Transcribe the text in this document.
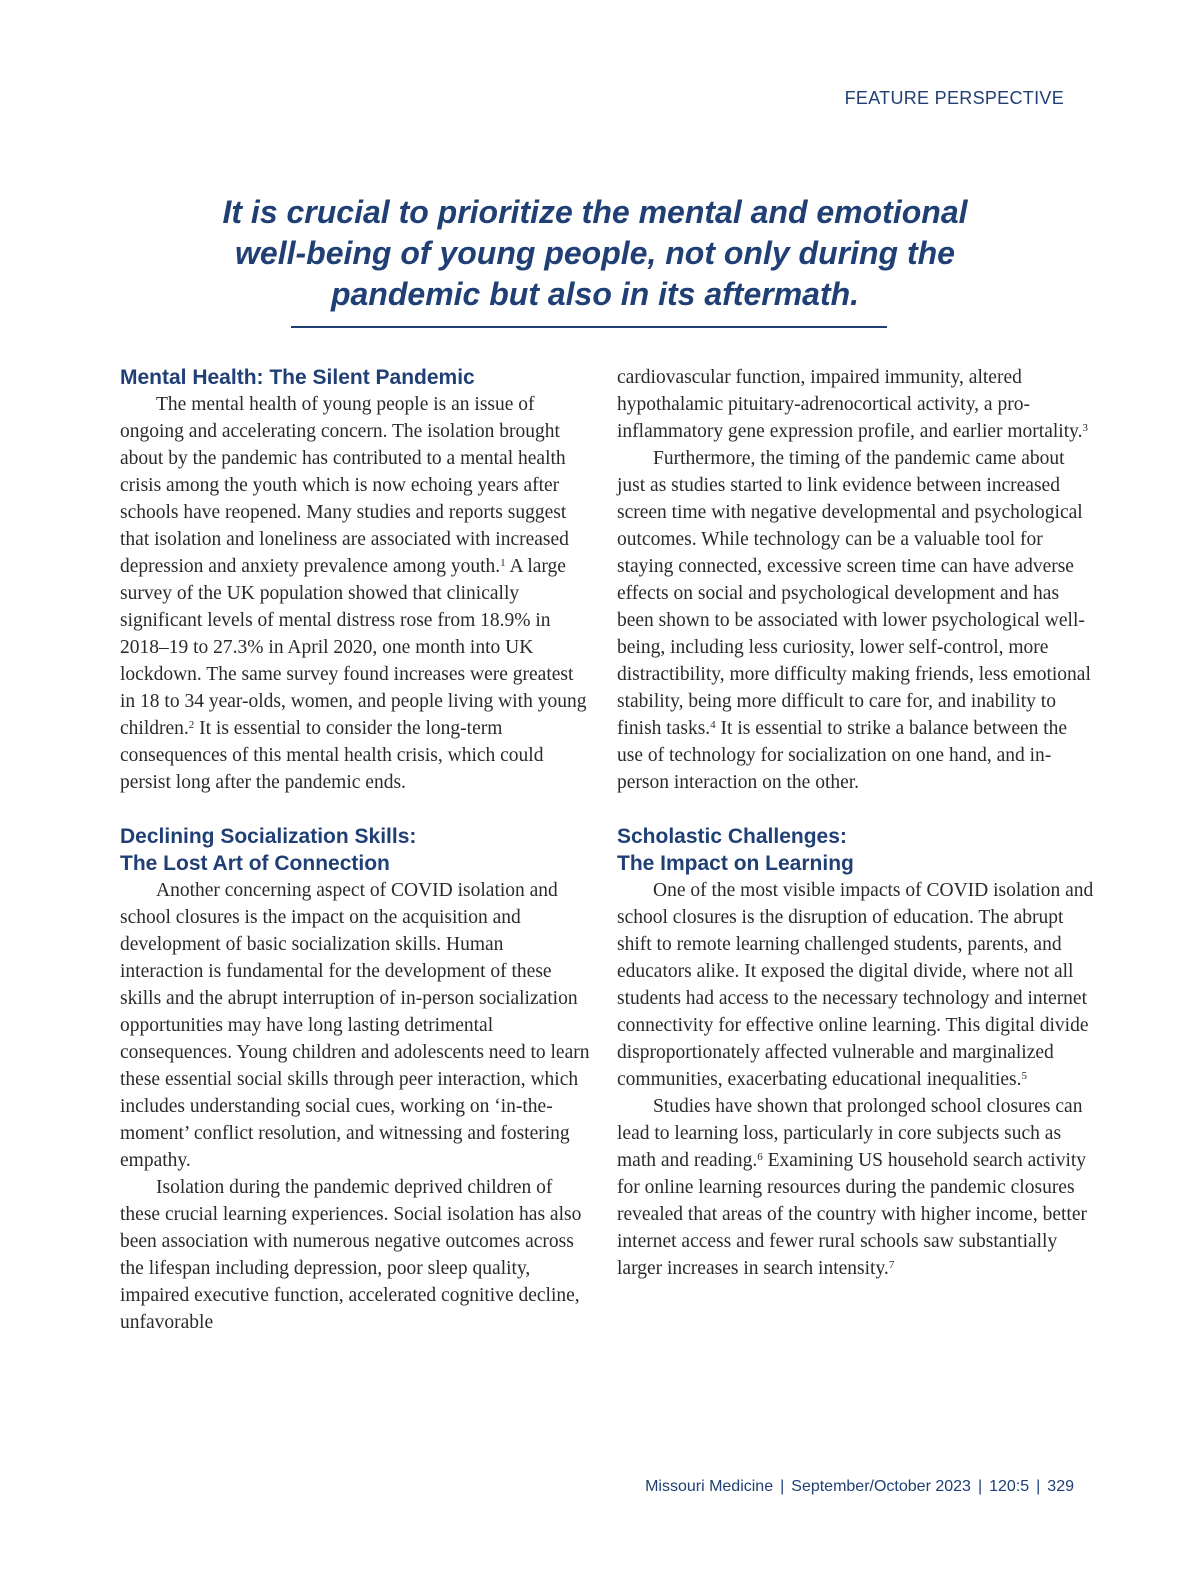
FEATURE PERSPECTIVE
It is crucial to prioritize the mental and emotional
well-being of young people, not only during the
pandemic but also in its aftermath.
Mental Health: The Silent Pandemic

The mental health of young people is an issue of ongoing and accelerating concern. The isolation brought about by the pandemic has contributed to a mental health crisis among the youth which is now echoing years after schools have reopened. Many studies and reports suggest that isolation and loneliness are associated with increased depression and anxiety prevalence among youth.$^1$ A large survey of the UK population showed that clinically significant levels of mental distress rose from 18.9% in 2018–19 to 27.3% in April 2020, one month into UK lockdown. The same survey found increases were greatest in 18 to 34 year-olds, women, and people living with young children.$^2$ It is essential to consider the long-term consequences of this mental health crisis, which could persist long after the pandemic ends.

Declining Socialization Skills:
The Lost Art of Connection

Another concerning aspect of COVID isolation and school closures is the impact on the acquisition and development of basic socialization skills. Human interaction is fundamental for the development of these skills and the abrupt interruption of in-person socialization opportunities may have long lasting detrimental consequences. Young children and adolescents need to learn these essential social skills through peer interaction, which includes understanding social cues, working on ‘in-the-moment’ conflict resolution, and witnessing and fostering empathy.

Isolation during the pandemic deprived children of these crucial learning experiences. Social isolation has also been association with numerous negative outcomes across the lifespan including depression, poor sleep quality, impaired executive function, accelerated cognitive decline, unfavorable

cardiovascular function, impaired immunity, altered hypothalamic pituitary-adrenocortical activity, a pro-inflammatory gene expression profile, and earlier mortality.$^3$

Furthermore, the timing of the pandemic came about just as studies started to link evidence between increased screen time with negative developmental and psychological outcomes. While technology can be a valuable tool for staying connected, excessive screen time can have adverse effects on social and psychological development and has been shown to be associated with lower psychological well-being, including less curiosity, lower self-control, more distractibility, more difficulty making friends, less emotional stability, being more difficult to care for, and inability to finish tasks.$^4$ It is essential to strike a balance between the use of technology for socialization on one hand, and in-person interaction on the other.

Scholastic Challenges:
The Impact on Learning

One of the most visible impacts of COVID isolation and school closures is the disruption of education. The abrupt shift to remote learning challenged students, parents, and educators alike. It exposed the digital divide, where not all students had access to the necessary technology and internet connectivity for effective online learning. This digital divide disproportionately affected vulnerable and marginalized communities, exacerbating educational inequalities.$^5$

Studies have shown that prolonged school closures can lead to learning loss, particularly in core subjects such as math and reading.$^6$ Examining US household search activity for online learning resources during the pandemic closures revealed that areas of the country with higher income, better internet access and fewer rural schools saw substantially larger increases in search intensity.$^7$

Missouri Medicine | September/October 2023 | 120:5 | 329
